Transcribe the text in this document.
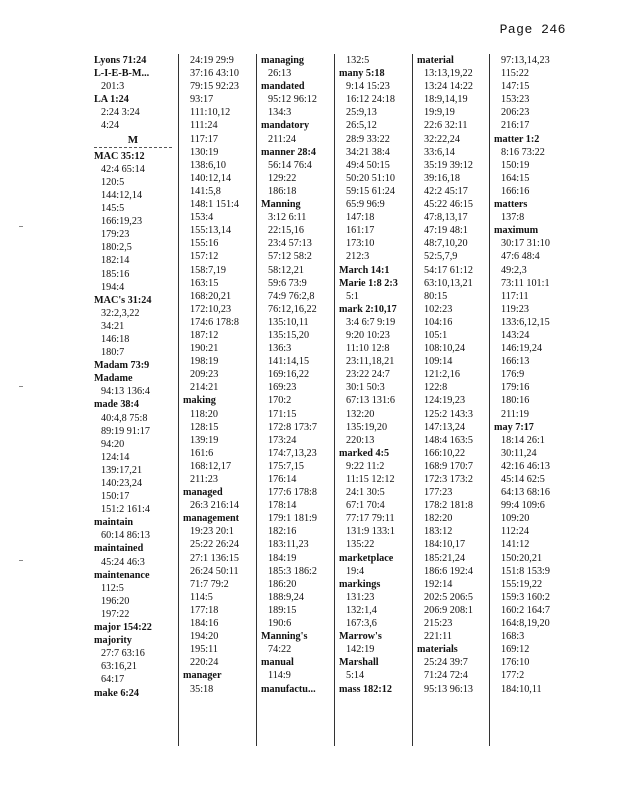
Page 246
Lyons 71:24
L-I-E-B-M...
201:3
LA 1:24
2:24 3:24
4:24
M
MAC 35:12
42:4 65:14
120:5
144:12,14
145:5
166:19,23
179:23
180:2,5
182:14
185:16
194:4
MAC's 31:24
32:2,3,22
34:21
146:18
180:7
Madam 73:9
Madame
94:13 136:4
made 38:4
40:4,8 75:8
89:19 91:17
94:20
124:14
139:17,21
140:23,24
150:17
151:2 161:4
maintain
60:14 86:13
maintained
45:24 46:3
maintenance
112:5
196:20
197:22
major 154:22
majority
27:7 63:16
63:16,21
64:17
make 6:24
24:19 29:9
37:16 43:10
79:15 92:23
93:17
111:10,12
111:24
117:17
130:19
138:6,10
140:12,14
141:5,8
148:1 151:4
153:4
155:13,14
155:16
157:12
158:7,19
163:15
168:20,21
172:10,23
174:6 178:8
187:12
190:21
198:19
209:23
214:21
making
118:20
128:15
139:19
161:6
168:12,17
211:23
managed
26:3 216:14
management
19:23 20:1
25:22 26:24
27:1 136:15
26:24 50:11
71:7 79:2
114:5
177:18
184:16
194:20
195:11
220:24
manager
35:18
managing
26:13
mandated
95:12 96:12
134:3
mandatory
211:24
manner 28:4
56:14 76:4
129:22
186:18
Manning
3:12 6:11
22:15,16
23:4 57:13
57:12 58:2
58:12,21
59:6 73:9
74:9 76:2,8
76:12,16,22
135:10,11
135:15,20
136:3
141:14,15
169:16,22
169:23
170:2
171:15
172:8 173:7
173:24
174:7,13,23
175:7,15
176:14
177:6 178:8
178:14
179:1 181:9
182:16
183:11,23
184:19
185:3 186:2
186:20
188:9,24
189:15
190:6
Manning's
74:22
manual
114:9
manufactu...
132:5
many 5:18
9:14 15:23
16:12 24:18
25:9,13
26:5,12
28:9 33:22
34:21 38:4
49:4 50:15
50:20 51:10
59:15 61:24
65:9 96:9
147:18
161:17
173:10
212:3
March 14:1
Marie 1:8 2:3
5:1
mark 2:10,17
3:4 6:7 9:19
9:20 10:23
11:10 12:8
23:11,18,21
23:22 24:7
30:1 50:3
67:13 131:6
132:20
135:19,20
220:13
marked 4:5
9:22 11:2
11:15 12:12
24:1 30:5
67:1 70:4
77:17 79:11
131:9 133:1
135:22
marketplace
19:4
markings
131:23
132:1,4
167:3,6
Marrow's
142:19
Marshall
5:14
mass 182:12
material
13:13,19,22
13:24 14:22
18:9,14,19
19:9,19
22:6 32:11
32:22,24
33:6,14
35:19 39:12
39:16,18
42:2 45:17
45:22 46:15
47:8,13,17
47:19 48:1
48:7,10,20
52:5,7,9
54:17 61:12
63:10,13,21
80:15
102:23
104:16
105:1
108:10,24
109:14
121:2,16
122:8
124:19,23
125:2 143:3
147:13,24
148:4 163:5
166:10,22
168:9 170:7
172:3 173:2
177:23
178:2 181:8
182:20
183:12
184:10,17
185:21,24
186:6 192:4
192:14
202:5 206:5
206:9 208:1
215:23
221:11
materials
25:24 39:7
71:24 72:4
95:13 96:13
97:13,14,23
115:22
147:15
153:23
206:23
216:17
matter 1:2
8:16 73:22
150:19
164:15
166:16
matters
137:8
maximum
30:17 31:10
47:6 48:4
49:2,3
73:11 101:1
117:11
119:23
133:6,12,15
143:24
146:19,24
166:13
176:9
179:16
180:16
211:19
may 7:17
18:14 26:1
30:11,24
42:16 46:13
45:14 62:5
64:13 68:16
99:4 109:6
109:20
112:24
141:12
150:20,21
151:8 153:9
155:19,22
159:3 160:2
160:2 164:7
164:8,19,20
168:3
169:12
176:10
177:2
184:10,11
